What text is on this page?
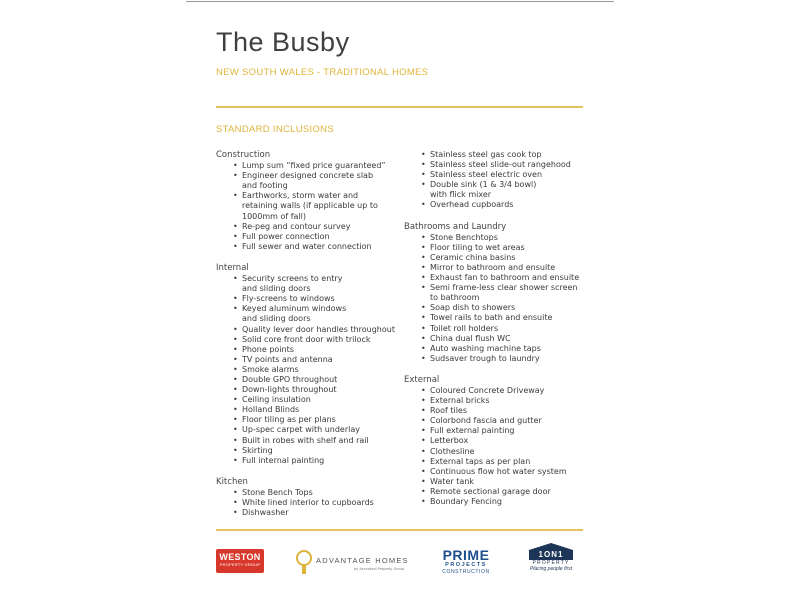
The Busby
NEW SOUTH WALES - TRADITIONAL HOMES
STANDARD INCLUSIONS
Construction
• Lump sum “fixed price guaranteed”
• Engineer designed concrete slab
and footing
• Earthworks, storm water and
retaining walls (if applicable up to
1000mm of fall)
• Re-peg and contour survey
• Full power connection
• Full sewer and water connection
Internal
• Security screens to entry
and sliding doors
• Fly-screens to windows
• Keyed aluminum windows
and sliding doors
• Quality lever door handles throughout
• Solid core front door with trilock
• Phone points
• TV points and antenna
• Smoke alarms
• Double GPO throughout
• Down-lights throughout
• Ceiling insulation
• Holland Blinds
• Floor tiling as per plans
• Up-spec carpet with underlay
• Built in robes with shelf and rail
• Skirting
• Full internal painting
Kitchen
• Stone Bench Tops
• White lined interior to cupboards
• Dishwasher
• Stainless steel gas cook top
• Stainless steel slide-out rangehood
• Stainless steel electric oven
• Double sink (1 & 3/4 bowl)
with flick mixer
• Overhead cupboards
Bathrooms and Laundry
• Stone Benchtops
• Floor tiling to wet areas
• Ceramic china basins
• Mirror to bathroom and ensuite
• Exhaust fan to bathroom and ensuite
• Semi frame-less clear shower screen
to bathroom
• Soap dish to showers
• Towel rails to bath and ensuite
• Toilet roll holders
• China dual flush WC
• Auto washing machine taps
• Sudsaver trough to laundry
External
• Coloured Concrete Driveway
• External bricks
• Roof tiles
• Colorbond fascia and gutter
• Full external painting
• Letterbox
• Clothesline
• External taps as per plan
• Continuous flow hot water system
• Water tank
• Remote sectional garage door
• Boundary Fencing
WESTON
PROPERTY GROUP	ADVANTAGE HOMES
by Ascenteal Property Group
PRIME
PROJECTS
CONSTRUCTION
1ON1
PROPERTY
Placing people first
